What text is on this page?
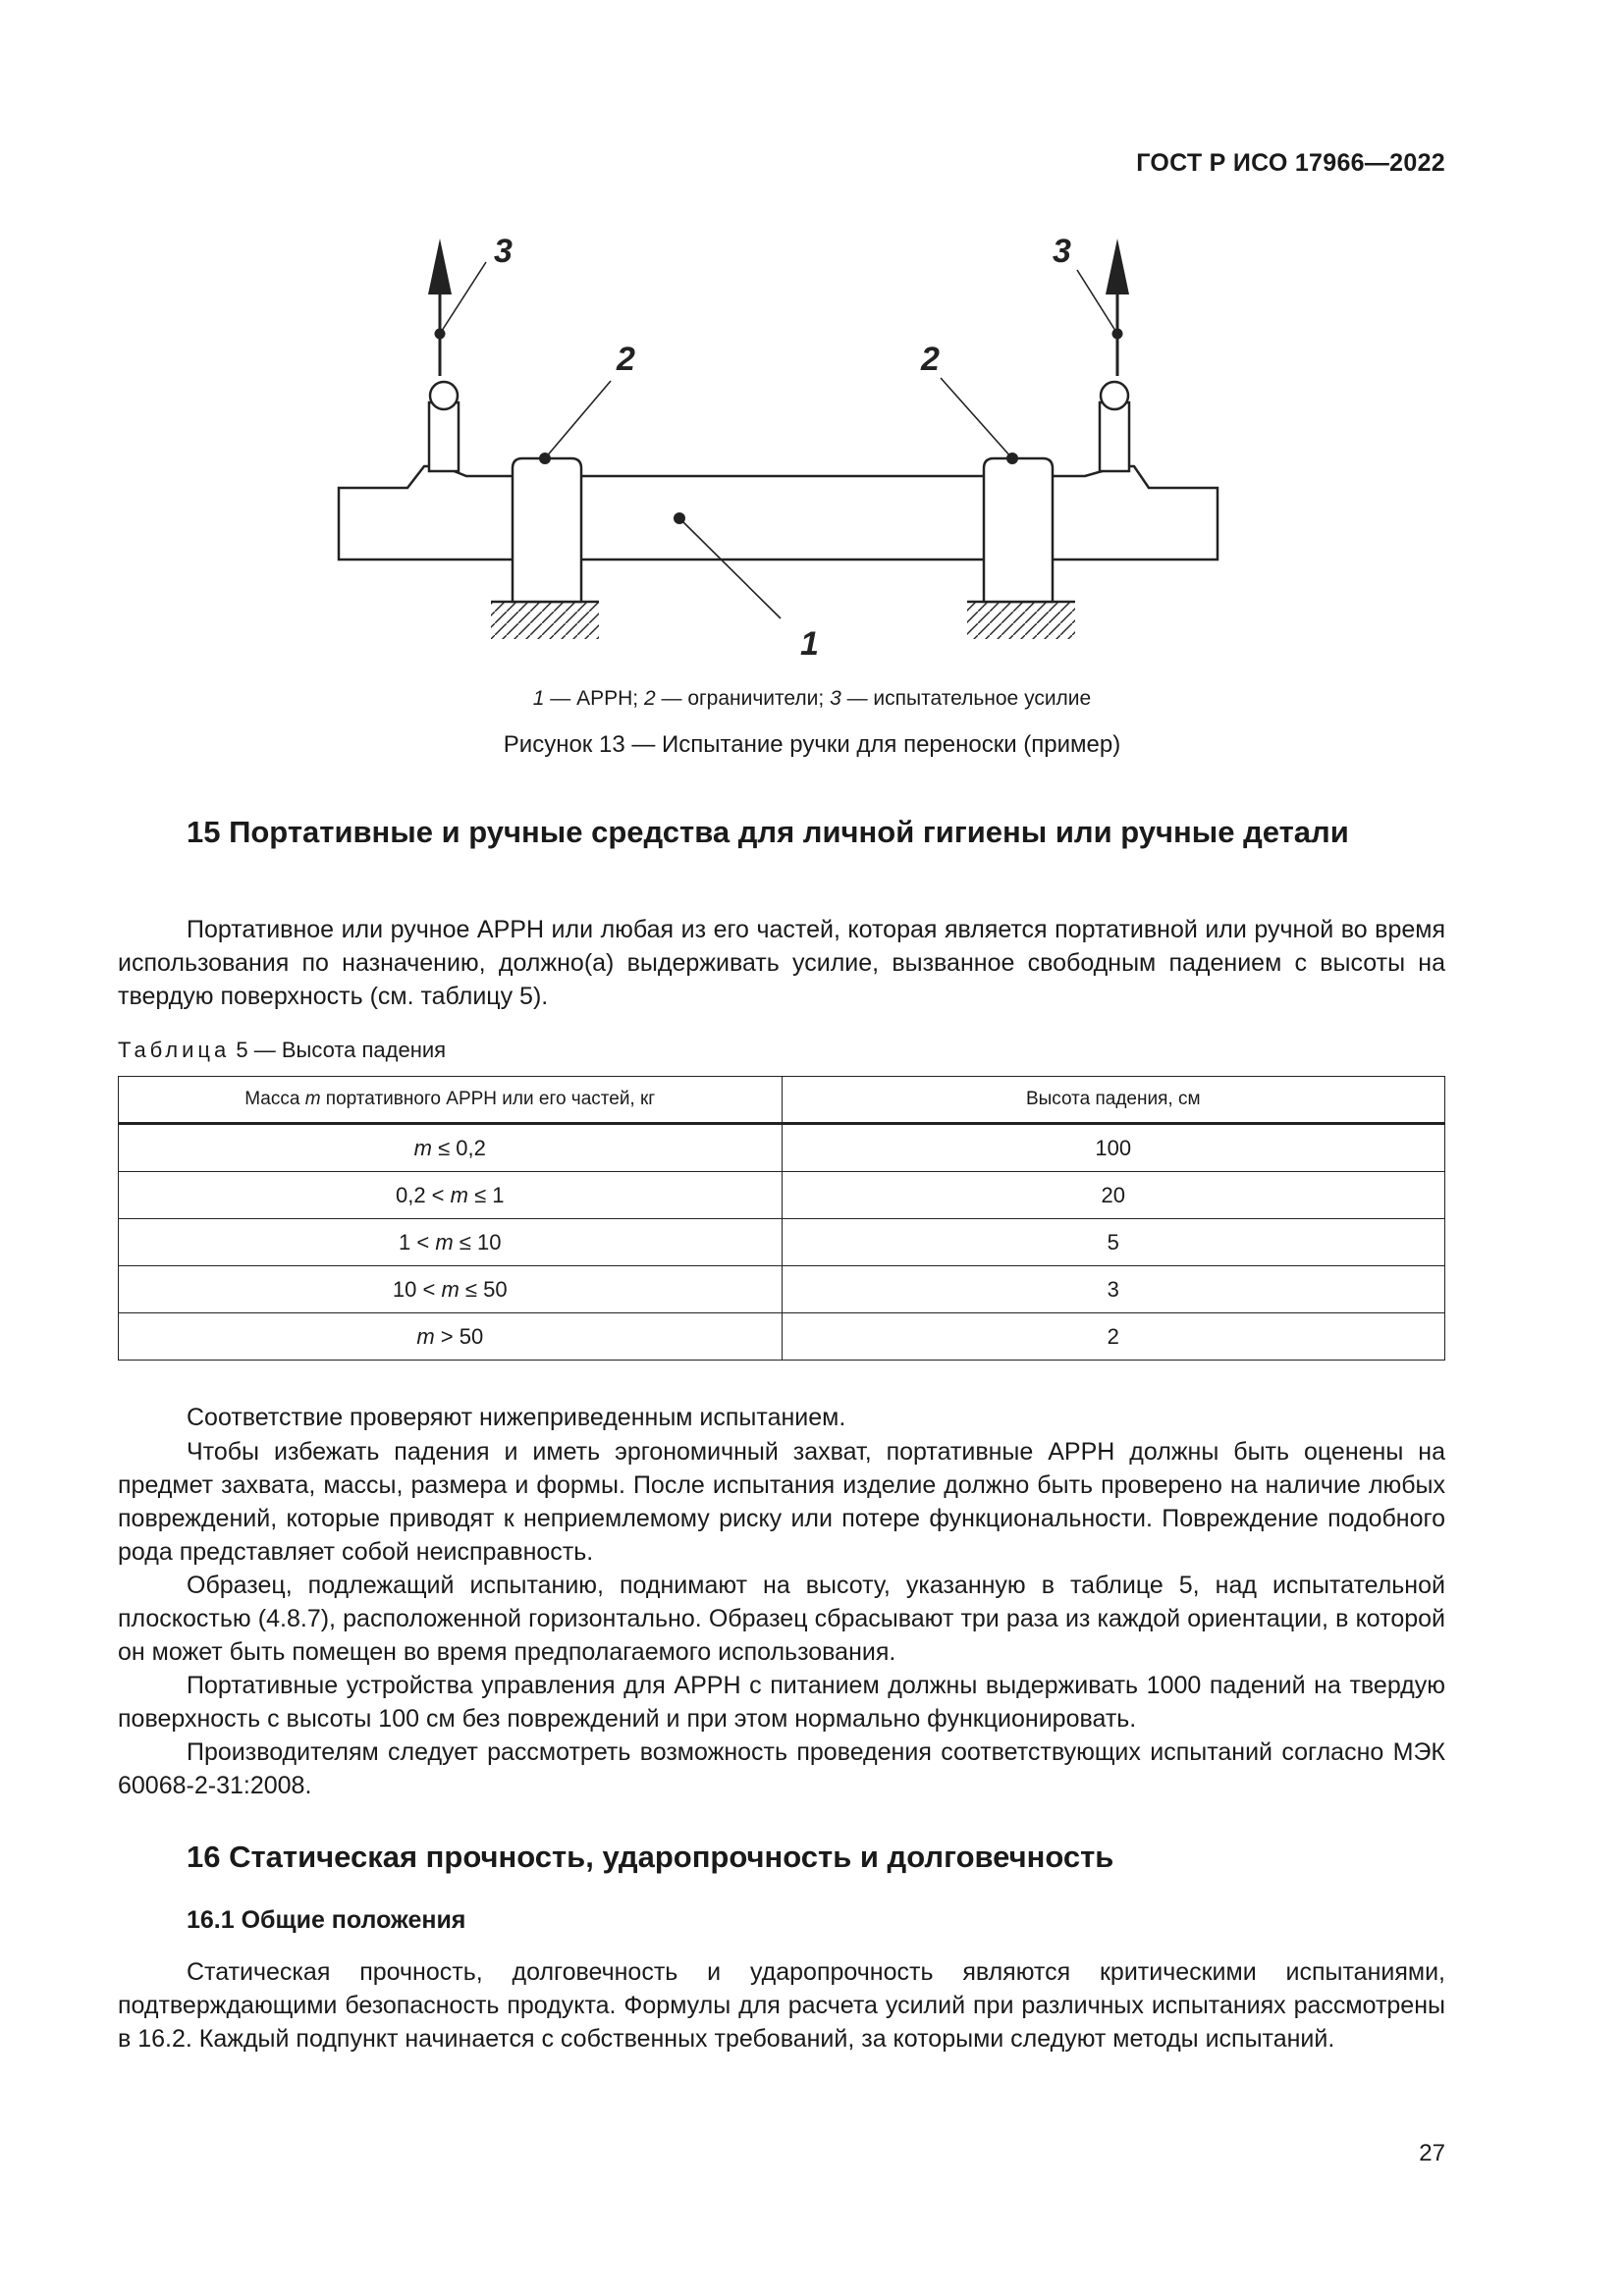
ГОСТ Р ИСО 17966—2022
3	3
2	2
1
1 — АРРН; 2 — ограничители; 3 — испытательное усилие
Рисунок 13 — Испытание ручки для переноски (пример)
15 Портативные и ручные средства для личной гигиены или ручные детали
Портативное или ручное АРРН или любая из его частей, которая является портативной или ручной во время использования по назначению, должно(а) выдерживать усилие, вызванное свободным падением с высоты на твердую поверхность (см. таблицу 5).
Таблица 5 — Высота падения
Масса m портативного АРРН или его частей, кг	Высота падения, см
m ≤ 0,2	100
0,2 < m ≤ 1	20
1 < m ≤ 10	5
10 < m ≤ 50	3
m > 50	2
Соответствие проверяют нижеприведенным испытанием.
Чтобы избежать падения и иметь эргономичный захват, портативные АРРН должны быть оценены на предмет захвата, массы, размера и формы. После испытания изделие должно быть проверено на наличие любых повреждений, которые приводят к неприемлемому риску или потере функциональности. Повреждение подобного рода представляет собой неисправность.
Образец, подлежащий испытанию, поднимают на высоту, указанную в таблице 5, над испытательной плоскостью (4.8.7), расположенной горизонтально. Образец сбрасывают три раза из каждой ориентации, в которой он может быть помещен во время предполагаемого использования.
Портативные устройства управления для АРРН с питанием должны выдерживать 1000 падений на твердую поверхность с высоты 100 см без повреждений и при этом нормально функционировать.
Производителям следует рассмотреть возможность проведения соответствующих испытаний согласно МЭК 60068-2-31:2008.
16 Статическая прочность, ударопрочность и долговечность
16.1 Общие положения
Статическая прочность, долговечность и ударопрочность являются критическими испытаниями, подтверждающими безопасность продукта. Формулы для расчета усилий при различных испытаниях рассмотрены в 16.2. Каждый подпункт начинается с собственных требований, за которыми следуют методы испытаний.
27
